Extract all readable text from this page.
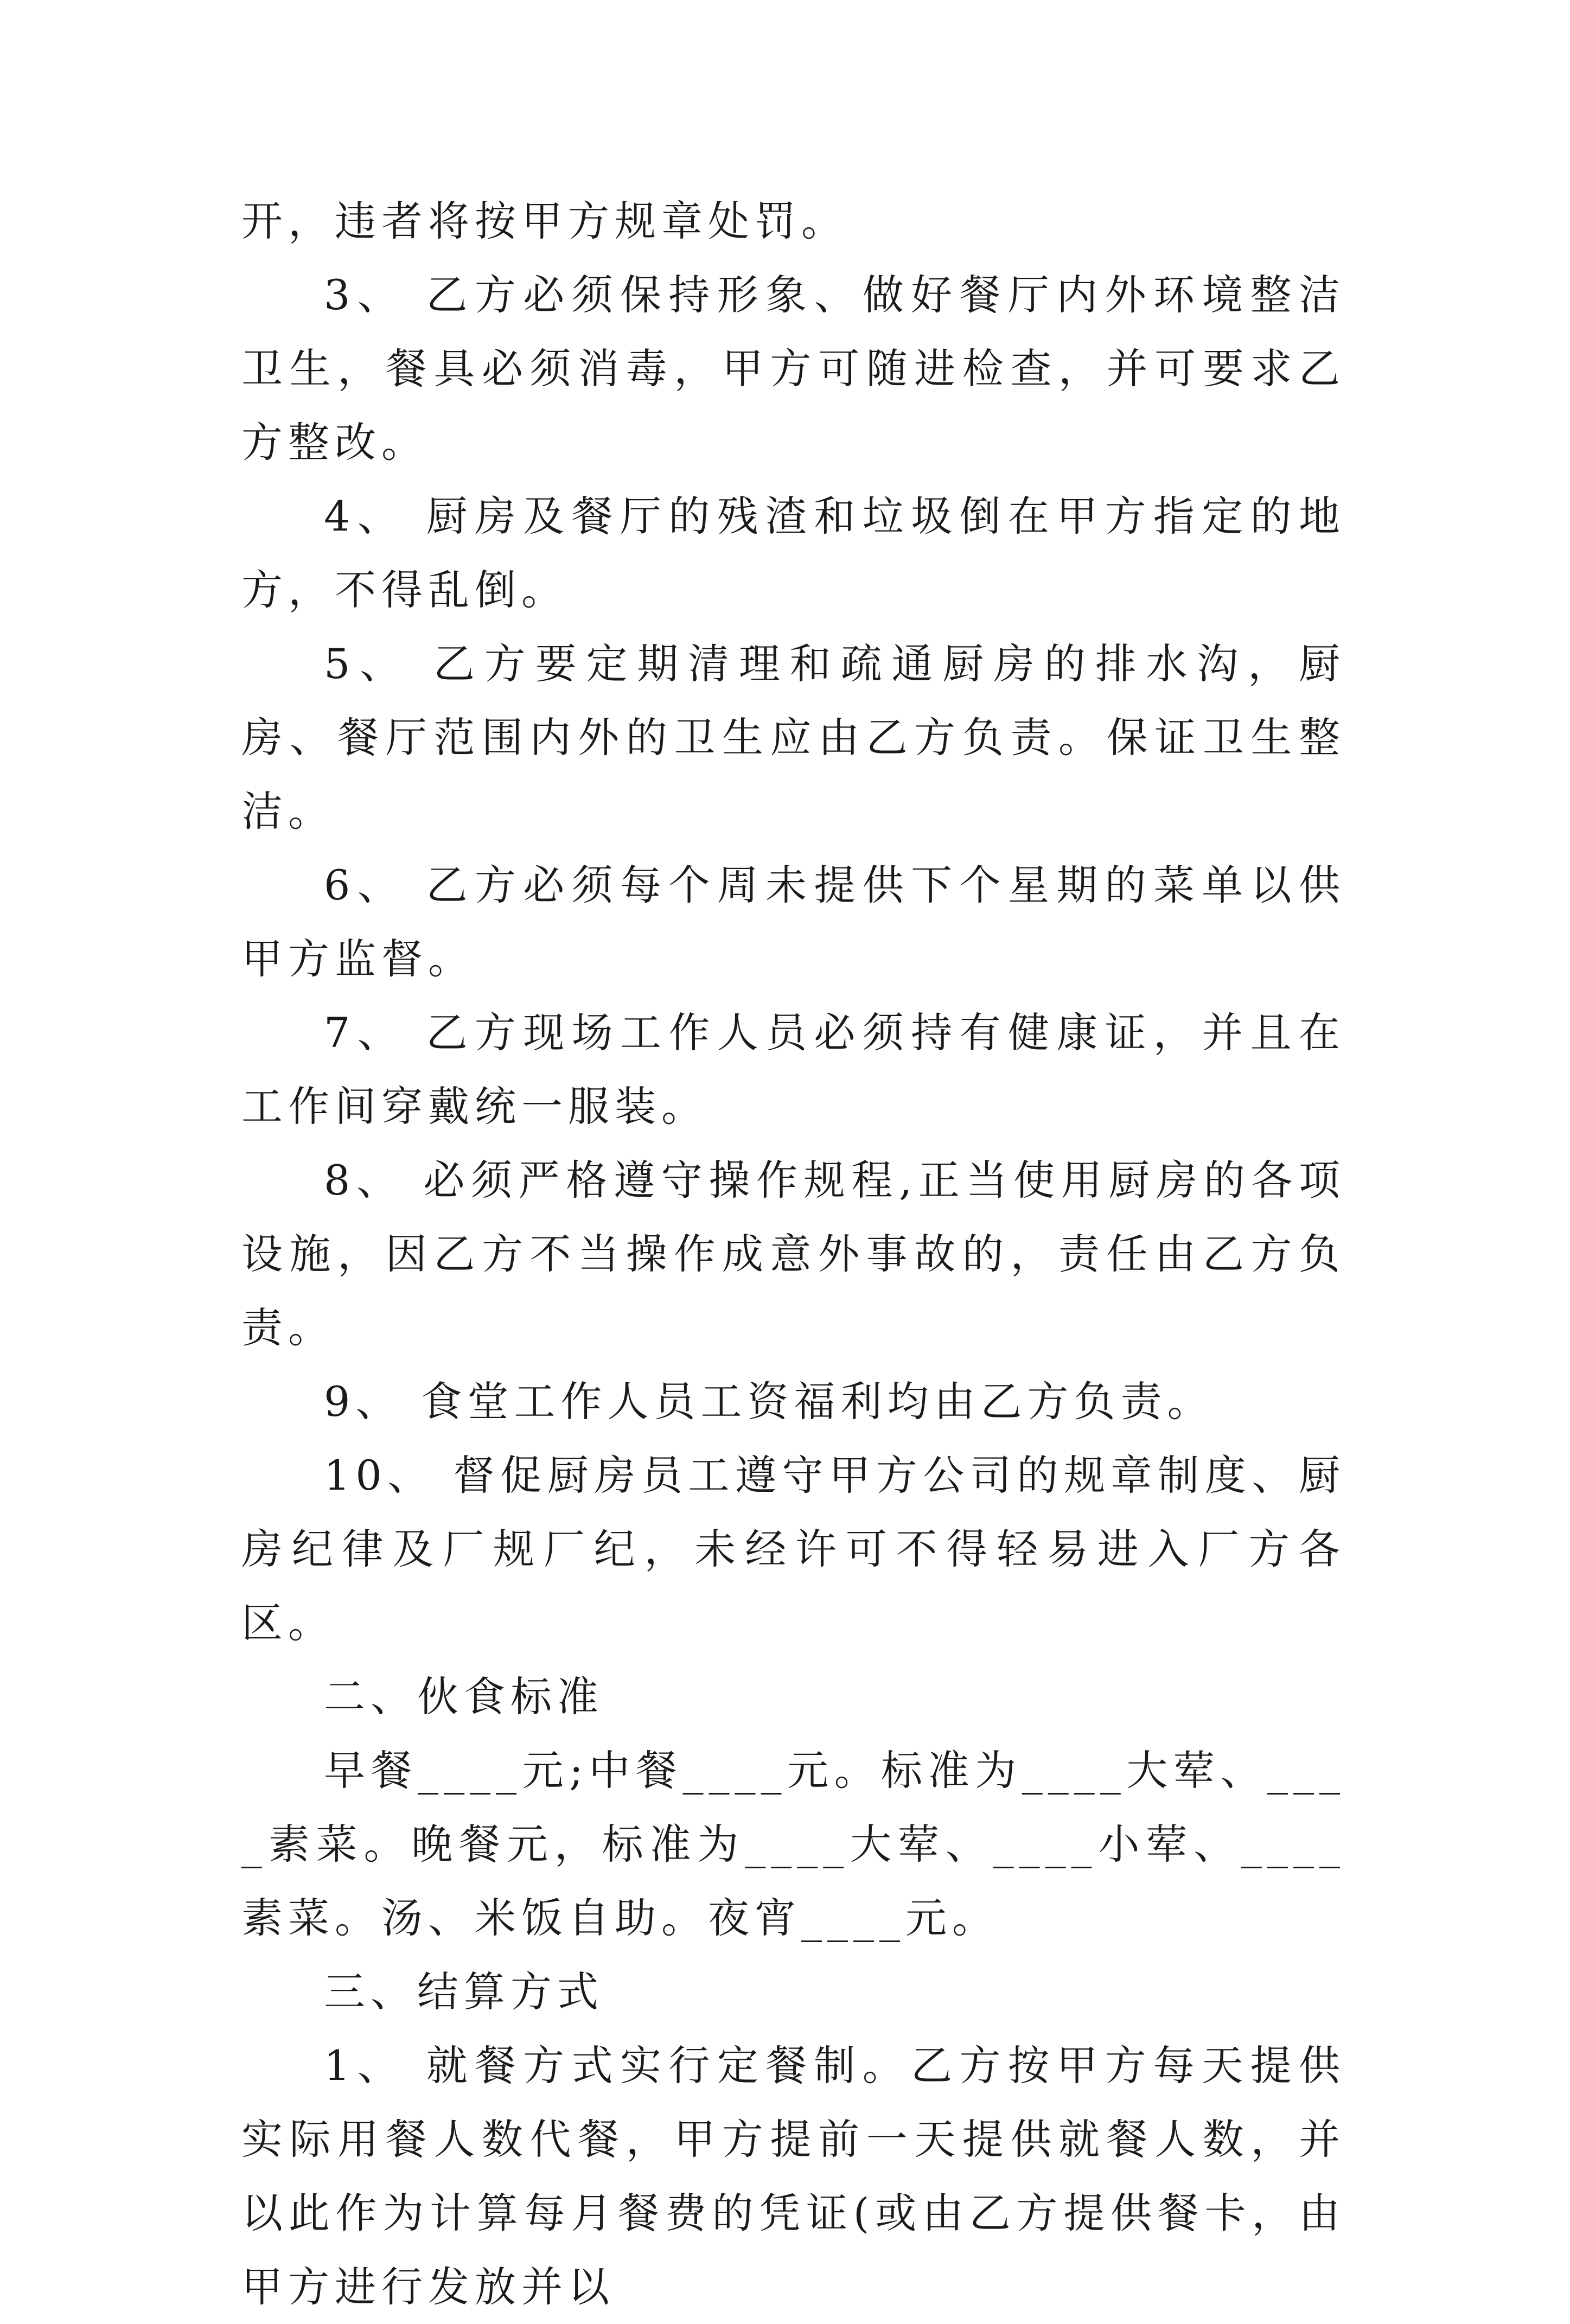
开，违者将按甲方规章处罚。

3、 乙方必须保持形象、做好餐厅内外环境整洁卫生，餐具必须消毒，甲方可随进检查，并可要求乙方整改。

4、 厨房及餐厅的残渣和垃圾倒在甲方指定的地方，不得乱倒。

5、 乙方要定期清理和疏通厨房的排水沟，厨房、餐厅范围内外的卫生应由乙方负责。保证卫生整洁。

6、 乙方必须每个周未提供下个星期的菜单以供甲方监督。

7、 乙方现场工作人员必须持有健康证，并且在工作间穿戴统一服装。

8、 必须严格遵守操作规程,正当使用厨房的各项设施，因乙方不当操作成意外事故的，责任由乙方负责。

9、 食堂工作人员工资福利均由乙方负责。

10、 督促厨房员工遵守甲方公司的规章制度、厨房纪律及厂规厂纪，未经许可不得轻易进入厂方各区。

二、伙食标准

早餐____元;中餐____元。标准为____大荤、____素菜。晚餐元，标准为____大荤、____小荤、____素菜。汤、米饭自助。夜宵____元。

三、结算方式

1、 就餐方式实行定餐制。乙方按甲方每天提供实际用餐人数代餐，甲方提前一天提供就餐人数，并以此作为计算每月餐费的凭证(或由乙方提供餐卡，由甲方进行发放并以
